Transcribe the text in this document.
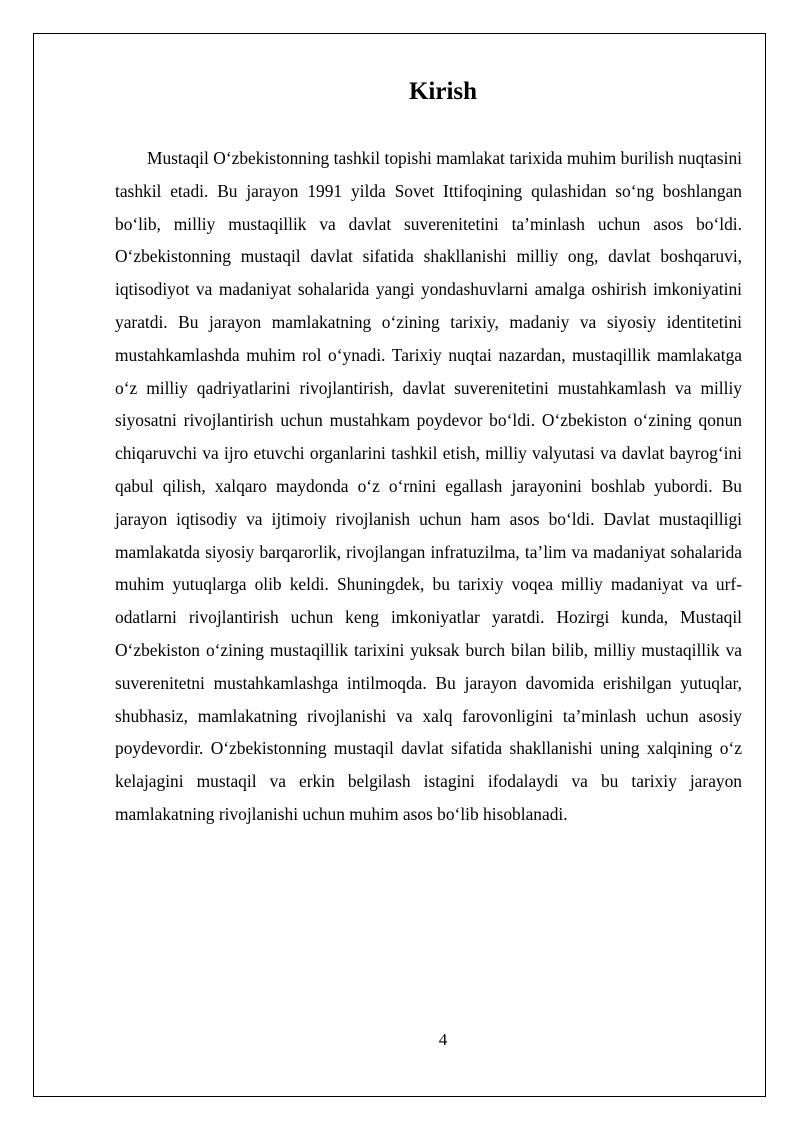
Kirish

Mustaqil O‘zbekistonning tashkil topishi mamlakat tarixida muhim burilish nuqtasini tashkil etadi. Bu jarayon 1991 yilda Sovet Ittifoqining qulashidan so‘ng boshlangan bo‘lib, milliy mustaqillik va davlat suverenitetini ta’minlash uchun asos bo‘ldi. O‘zbekistonning mustaqil davlat sifatida shakllanishi milliy ong, davlat boshqaruvi, iqtisodiyot va madaniyat sohalarida yangi yondashuvlarni amalga oshirish imkoniyatini yaratdi. Bu jarayon mamlakatning o‘zining tarixiy, madaniy va siyosiy identitetini mustahkamlashda muhim rol o‘ynadi. Tarixiy nuqtai nazardan, mustaqillik mamlakatga o‘z milliy qadriyatlarini rivojlantirish, davlat suverenitetini mustahkamlash va milliy siyosatni rivojlantirish uchun mustahkam poydevor bo‘ldi. O‘zbekiston o‘zining qonun chiqaruvchi va ijro etuvchi organlarini tashkil etish, milliy valyutasi va davlat bayrog‘ini qabul qilish, xalqaro maydonda o‘z o‘rnini egallash jarayonini boshlab yubordi. Bu jarayon iqtisodiy va ijtimoiy rivojlanish uchun ham asos bo‘ldi. Davlat mustaqilligi mamlakatda siyosiy barqarorlik, rivojlangan infratuzilma, ta’lim va madaniyat sohalarida muhim yutuqlarga olib keldi. Shuningdek, bu tarixiy voqea milliy madaniyat va urf-odatlarni rivojlantirish uchun keng imkoniyatlar yaratdi. Hozirgi kunda, Mustaqil O‘zbekiston o‘zining mustaqillik tarixini yuksak burch bilan bilib, milliy mustaqillik va suverenitetni mustahkamlashga intilmoqda. Bu jarayon davomida erishilgan yutuqlar, shubhasiz, mamlakatning rivojlanishi va xalq farovonligini ta’minlash uchun asosiy poydevordir. O‘zbekistonning mustaqil davlat sifatida shakllanishi uning xalqining o‘z kelajagini mustaqil va erkin belgilash istagini ifodalaydi va bu tarixiy jarayon mamlakatning rivojlanishi uchun muhim asos bo‘lib hisoblanadi.

4
